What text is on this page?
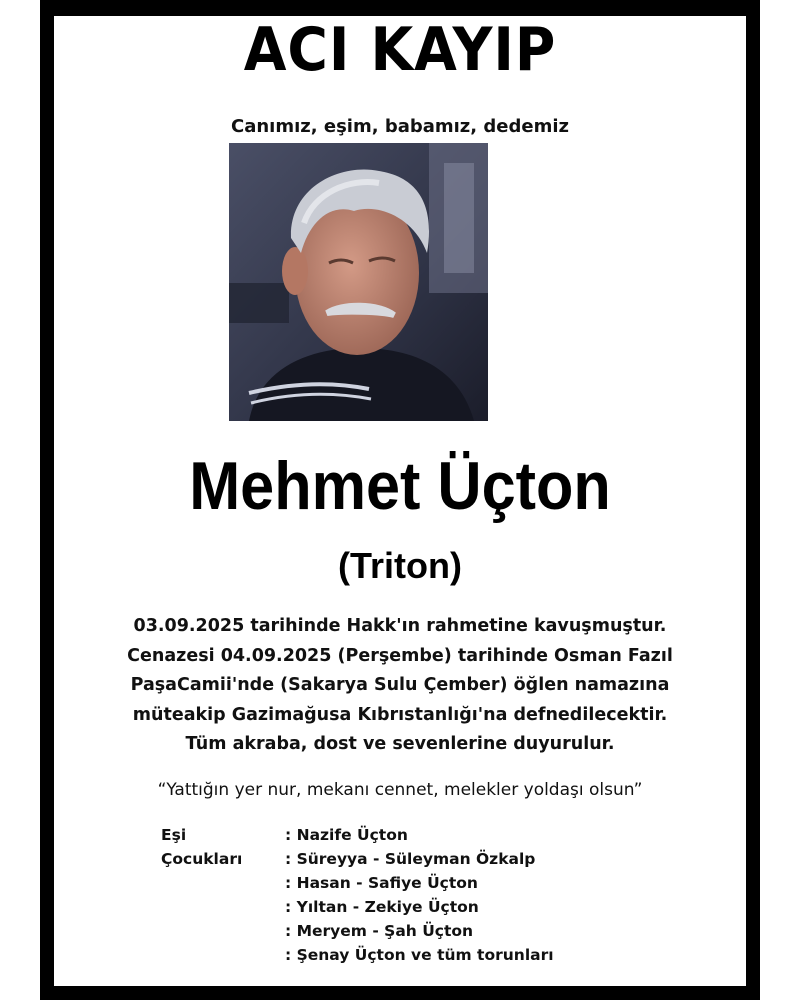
ACI KAYIP
Canımız, eşim, babamız, dedemiz
Mehmet Üçton
(Triton)
03.09.2025 tarihinde Hakk'ın rahmetine kavuşmuştur.
Cenazesi 04.09.2025 (Perşembe) tarihinde Osman Fazıl
PaşaCamii'nde (Sakarya Sulu Çember) öğlen namazına
müteakip Gazimağusa Kıbrıstanlığı'na defnedilecektir.
Tüm akraba, dost ve sevenlerine duyurulur.
“Yattığın yer nur, mekanı cennet, melekler yoldaşı olsun”
Eşi	: Nazife Üçton
Çocukları	: Süreyya - Süleyman Özkalp
: Hasan - Safiye Üçton
: Yıltan - Zekiye Üçton
: Meryem - Şah Üçton
: Şenay Üçton ve tüm torunları
